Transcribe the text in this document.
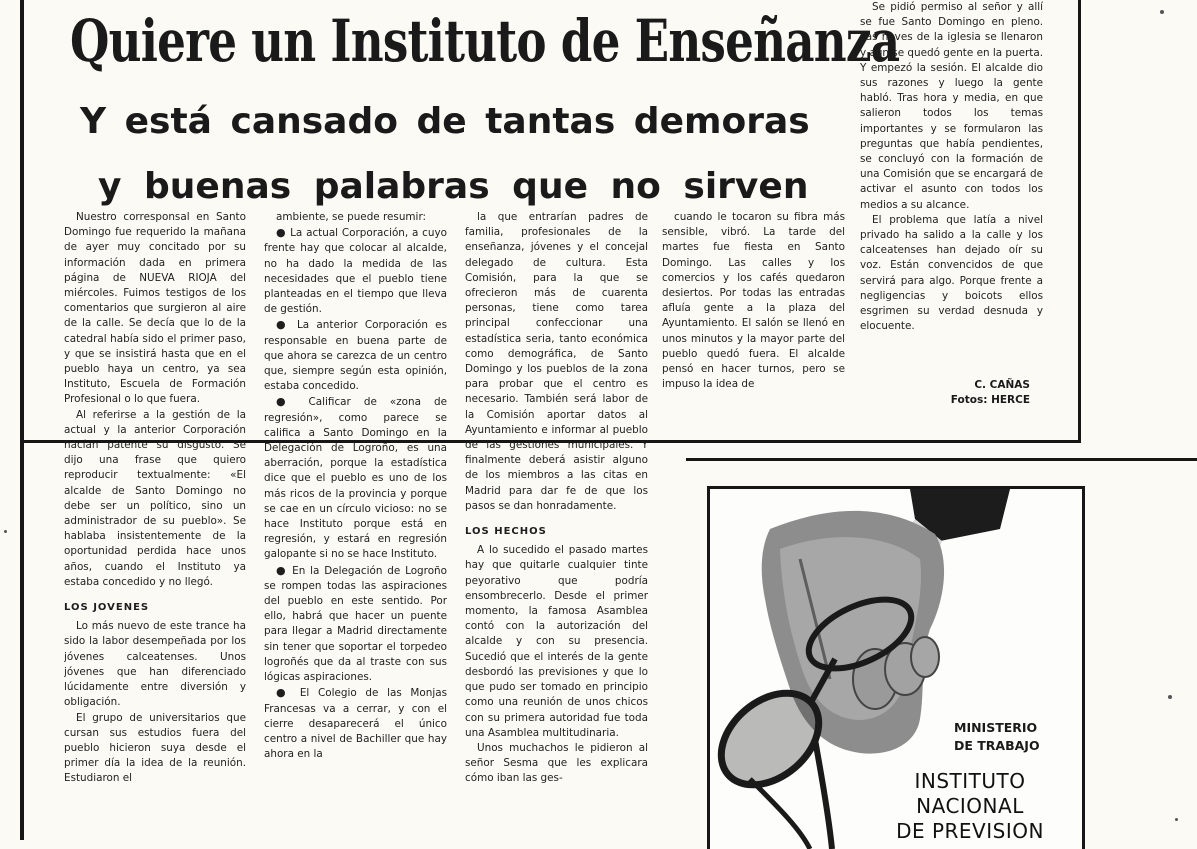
Quiere un Instituto de Enseñanza
Y está cansado de tantas demoras
y buenas palabras que no sirven

Nuestro corresponsal en Santo Domingo fue requerido la mañana de ayer muy concitado por su información dada en primera página de NUEVA RIOJA del miércoles. Fuimos testigos de los comentarios que surgieron al aire de la calle. Se decía que lo de la catedral había sido el primer paso, y que se insistirá hasta que en el pueblo haya un centro, ya sea Instituto, Escuela de Formación Profesional o lo que fuera.

Al referirse a la gestión de la actual y la anterior Corporación hacían patente su disgusto. Se dijo una frase que quiero reproducir textualmente: «El alcalde de Santo Domingo no debe ser un político, sino un administrador de su pueblo». Se hablaba insistentemente de la oportunidad perdida hace unos años, cuando el Instituto ya estaba concedido y no llegó.

LOS JOVENES

Lo más nuevo de este trance ha sido la labor desempeñada por los jóvenes calceatenses. Unos jóvenes que han diferenciado lúcidamente entre diversión y obligación.

El grupo de universitarios que cursan sus estudios fuera del pueblo hicieron suya desde el primer día la idea de la reunión. Estudiaron el

ambiente, se puede resumir:

● La actual Corporación, a cuyo frente hay que colocar al alcalde, no ha dado la medida de las necesidades que el pueblo tiene planteadas en el tiempo que lleva de gestión.

● La anterior Corporación es responsable en buena parte de que ahora se carezca de un centro que, siempre según esta opinión, estaba concedido.

● Calificar de «zona de regresión», como parece se califica a Santo Domingo en la Delegación de Logroño, es una aberración, porque la estadística dice que el pueblo es uno de los más ricos de la provincia y porque se cae en un círculo vicioso: no se hace Instituto porque está en regresión, y estará en regresión galopante si no se hace Instituto.

● En la Delegación de Logroño se rompen todas las aspiraciones del pueblo en este sentido. Por ello, habrá que hacer un puente para llegar a Madrid directamente sin tener que soportar el torpedeo logroñés que da al traste con sus lógicas aspiraciones.

● El Colegio de las Monjas Francesas va a cerrar, y con el cierre desaparecerá el único centro a nivel de Bachiller que hay ahora en la

la que entrarían padres de familia, profesionales de la enseñanza, jóvenes y el concejal delegado de cultura. Esta Comisión, para la que se ofrecieron más de cuarenta personas, tiene como tarea principal confeccionar una estadística seria, tanto económica como demográfica, de Santo Domingo y los pueblos de la zona para probar que el centro es necesario. También será labor de la Comisión aportar datos al Ayuntamiento e informar al pueblo de las gestiones municipales. Y finalmente deberá asistir alguno de los miembros a las citas en Madrid para dar fe de que los pasos se dan honradamente.

LOS HECHOS

A lo sucedido el pasado martes hay que quitarle cualquier tinte peyorativo que podría ensombrecerlo. Desde el primer momento, la famosa Asamblea contó con la autorización del alcalde y con su presencia. Sucedió que el interés de la gente desbordó las previsiones y que lo que pudo ser tomado en principio como una reunión de unos chicos con su primera autoridad fue toda una Asamblea multitudinaria.

Unos muchachos le pidieron al señor Sesma que les explicara cómo iban las ges-

cuando le tocaron su fibra más sensible, vibró. La tarde del martes fue fiesta en Santo Domingo. Las calles y los comercios y los cafés quedaron desiertos. Por todas las entradas afluía gente a la plaza del Ayuntamiento. El salón se llenó en unos minutos y la mayor parte del pueblo quedó fuera. El alcalde pensó en hacer turnos, pero se impuso la idea de

Se pidió permiso al señor y allí se fue Santo Domingo en pleno. Las naves de la iglesia se llenaron y aún se quedó gente en la puerta. Y empezó la sesión. El alcalde dio sus razones y luego la gente habló. Tras hora y media, en que salieron todos los temas importantes y se formularon las preguntas que había pendientes, se concluyó con la formación de una Comisión que se encargará de activar el asunto con todos los medios a su alcance.

El problema que latía a nivel privado ha salido a la calle y los calceatenses han dejado oír su voz. Están convencidos de que servirá para algo. Porque frente a negligencias y boicots ellos esgrimen su verdad desnuda y elocuente.

C. CAÑAS
Fotos: HERCE
MINISTERIO
DE TRABAJO
INSTITUTO
NACIONAL
DE PREVISION
